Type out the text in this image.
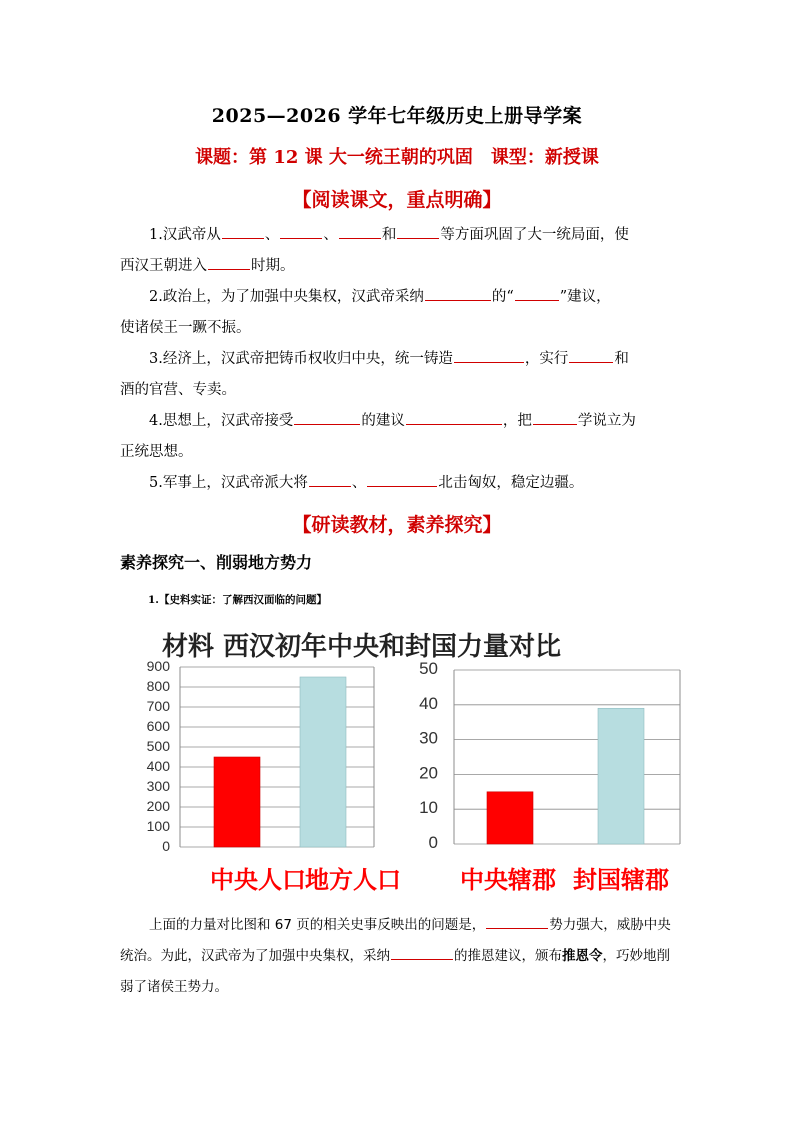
2025—2026 学年七年级历史上册导学案
课题：第 12 课 大一统王朝的巩固　课型：新授课
【阅读课文，重点明确】
1.汉武帝从	、	、	和	等方面巩固了大一统局面，使
西汉王朝进入	时期。
2.政治上，为了加强中央集权，汉武帝采纳	的“	”建议，
使诸侯王一蹶不振。
3.经济上，汉武帝把铸币权收归中央，统一铸造	，实行	和
酒的官营、专卖。
4.思想上，汉武帝接受	的建议	，把	学说立为
正统思想。
5.军事上，汉武帝派大将	、	北击匈奴，稳定边疆。
【研读教材，素养探究】
素养探究一、削弱地方势力
1.【史料实证：了解西汉面临的问题】
材料 西汉初年中央和封国力量对比
0
100
200
300
400
500
600
700
800
900
中央人口 地方人口
0
10
20
30
40
50
中央辖郡 封国辖郡
上面的力量对比图和 67 页的相关史事反映出的问题是，	势力强大，威胁中央统治。为此，汉武帝为了加强中央集权，采纳	的推恩建议，颁布推恩令，巧妙地削弱了诸侯王势力。
